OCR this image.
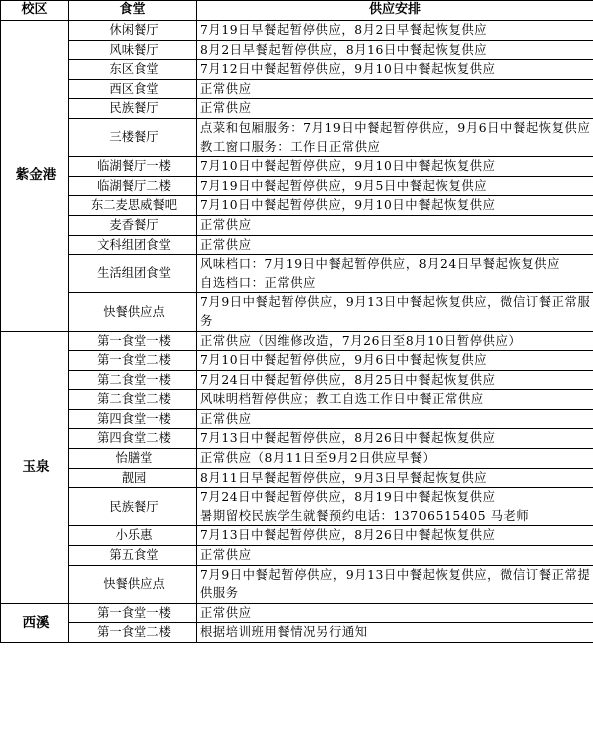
校区	食堂	供应安排
紫金港	休闲餐厅	7月19日早餐起暂停供应，8月2日早餐起恢复供应

	风味餐厅	8月2日早餐起暂停供应，8月16日中餐起恢复供应

	东区食堂	7月12日中餐起暂停供应，9月10日中餐起恢复供应

	西区食堂	正常供应

	民族餐厅	正常供应

	三楼餐厅	点菜和包厢服务：7月19日中餐起暂停供应，9月6日中餐起恢复供应
教工窗口服务：工作日正常供应

	临湖餐厅一楼	7月10日中餐起暂停供应，9月10日中餐起恢复供应

	临湖餐厅二楼	7月19日中餐起暂停供应，9月5日中餐起恢复供应

	东二麦思威餐吧	7月10日中餐起暂停供应，9月10日中餐起恢复供应

	麦香餐厅	正常供应

	文科组团食堂	正常供应

	生活组团食堂	风味档口：7月19日中餐起暂停供应，8月24日早餐起恢复供应
自选档口：正常供应

	快餐供应点	7月9日中餐起暂停供应，9月13日中餐起恢复供应，微信订餐正常服务

玉泉	第一食堂一楼	正常供应（因维修改造，7月26日至8月10日暂停供应）

	第一食堂二楼	7月10日中餐起暂停供应，9月6日中餐起恢复供应

	第二食堂一楼	7月24日中餐起暂停供应，8月25日中餐起恢复供应

	第二食堂二楼	风味明档暂停供应；教工自选工作日中餐正常供应

	第四食堂一楼	正常供应

	第四食堂二楼	7月13日中餐起暂停供应，8月26日中餐起恢复供应

	怡膳堂	正常供应（8月11日至9月2日供应早餐）

	靓园	8月11日早餐起暂停供应，9月3日早餐起恢复供应

	民族餐厅	7月24日中餐起暂停供应，8月19日中餐起恢复供应
暑期留校民族学生就餐预约电话：13706515405 马老师

	小乐惠	7月13日中餐起暂停供应，8月26日中餐起恢复供应

	第五食堂	正常供应

	快餐供应点	7月9日中餐起暂停供应，9月13日中餐起恢复供应，微信订餐正常提供服务

西溪	第一食堂一楼	正常供应

	第一食堂二楼	根据培训班用餐情况另行通知
